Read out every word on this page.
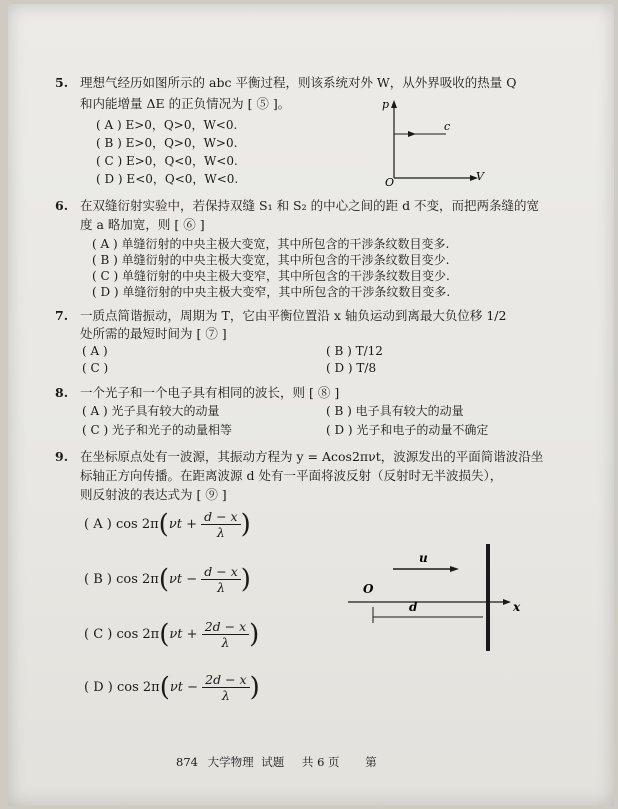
5. 理想气经历如图所示的 abc 平衡过程，则该系统对外 W，从外界吸收的热量 Q
和内能增量 ΔE 的正负情况为 [ ⑤ ]。
( A ) E>0，Q>0，W<0.
( B ) E>0，Q>0，W>0.
( C ) E>0，Q<0，W<0.
( D ) E<0，Q<0，W<0.
p
V
O
c
6. 在双缝衍射实验中，若保持双缝 S₁ 和 S₂ 的中心之间的距 d 不变，而把两条缝的宽
度 a 略加宽，则 [ ⑥ ]
( A ) 单缝衍射的中央主极大变宽，其中所包含的干涉条纹数目变多.
( B ) 单缝衍射的中央主极大变宽，其中所包含的干涉条纹数目变少.
( C ) 单缝衍射的中央主极大变窄，其中所包含的干涉条纹数目变少.
( D ) 单缝衍射的中央主极大变窄，其中所包含的干涉条纹数目变多.
7. 一质点简谐振动，周期为 T，它由平衡位置沿 x 轴负运动到离最大负位移 1/2
处所需的最短时间为 [ ⑦ ]
( A )	( B ) T/12
( C )	( D ) T/8
8. 一个光子和一个电子具有相同的波长，则 [ ⑧ ]
( A ) 光子具有较大的动量	( B ) 电子具有较大的动量
( C ) 光子和光子的动量相等	( D ) 光子和电子的动量不确定
9. 在坐标原点处有一波源，其振动方程为 y = Acos2πνt，波源发出的平面简谐波沿坐
标轴正方向传播。在距离波源 d 处有一平面将波反射（反射时无半波损失），
则反射波的表达式为 [ ⑨ ]
( A ) $\cos 2\pi(\nu t + \frac{d - x}{\lambda}$ )
( B ) $\cos 2\pi(\nu t - \frac{d - x}{\lambda}$ )
( C ) $\cos 2\pi(\nu t + \frac{2d - x}{\lambda}$ )
( D ) $\cos 2\pi(\nu t - \frac{2d - x}{\lambda}$ )
u
O
d	x
874 大学物理 试题 共 6 页 第
